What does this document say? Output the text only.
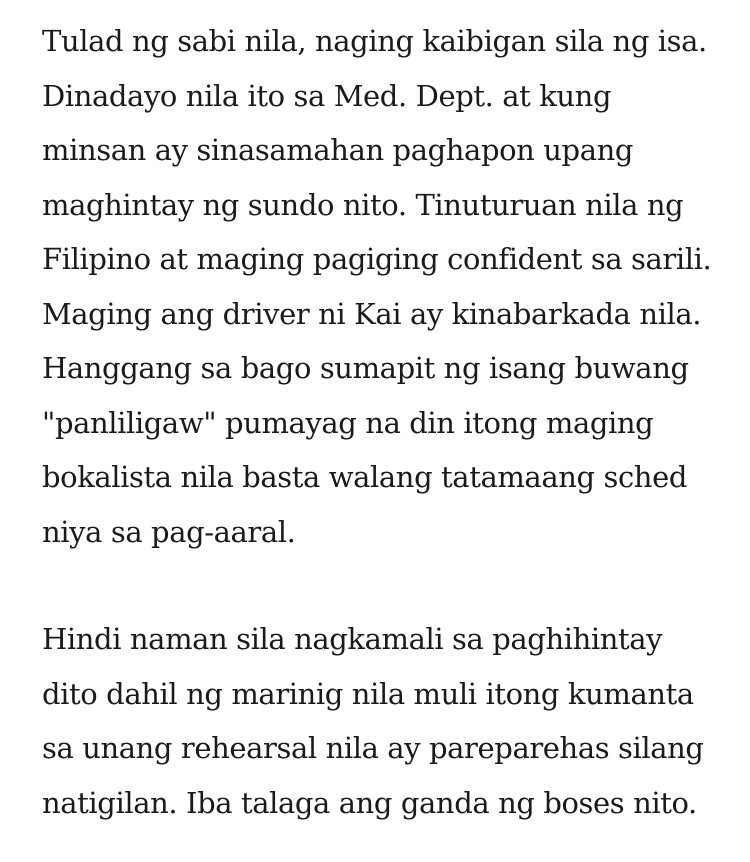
Tulad ng sabi nila, naging kaibigan sila ng isa.
Dinadayo nila ito sa Med. Dept. at kung
minsan ay sinasamahan paghapon upang
maghintay ng sundo nito. Tinuturuan nila ng
Filipino at maging pagiging confident sa sarili.
Maging ang driver ni Kai ay kinabarkada nila.
Hanggang sa bago sumapit ng isang buwang
"panliligaw" pumayag na din itong maging
bokalista nila basta walang tatamaang sched
niya sa pag-aaral.

Hindi naman sila nagkamali sa paghihintay
dito dahil ng marinig nila muli itong kumanta
sa unang rehearsal nila ay pareparehas silang
natigilan. Iba talaga ang ganda ng boses nito.
